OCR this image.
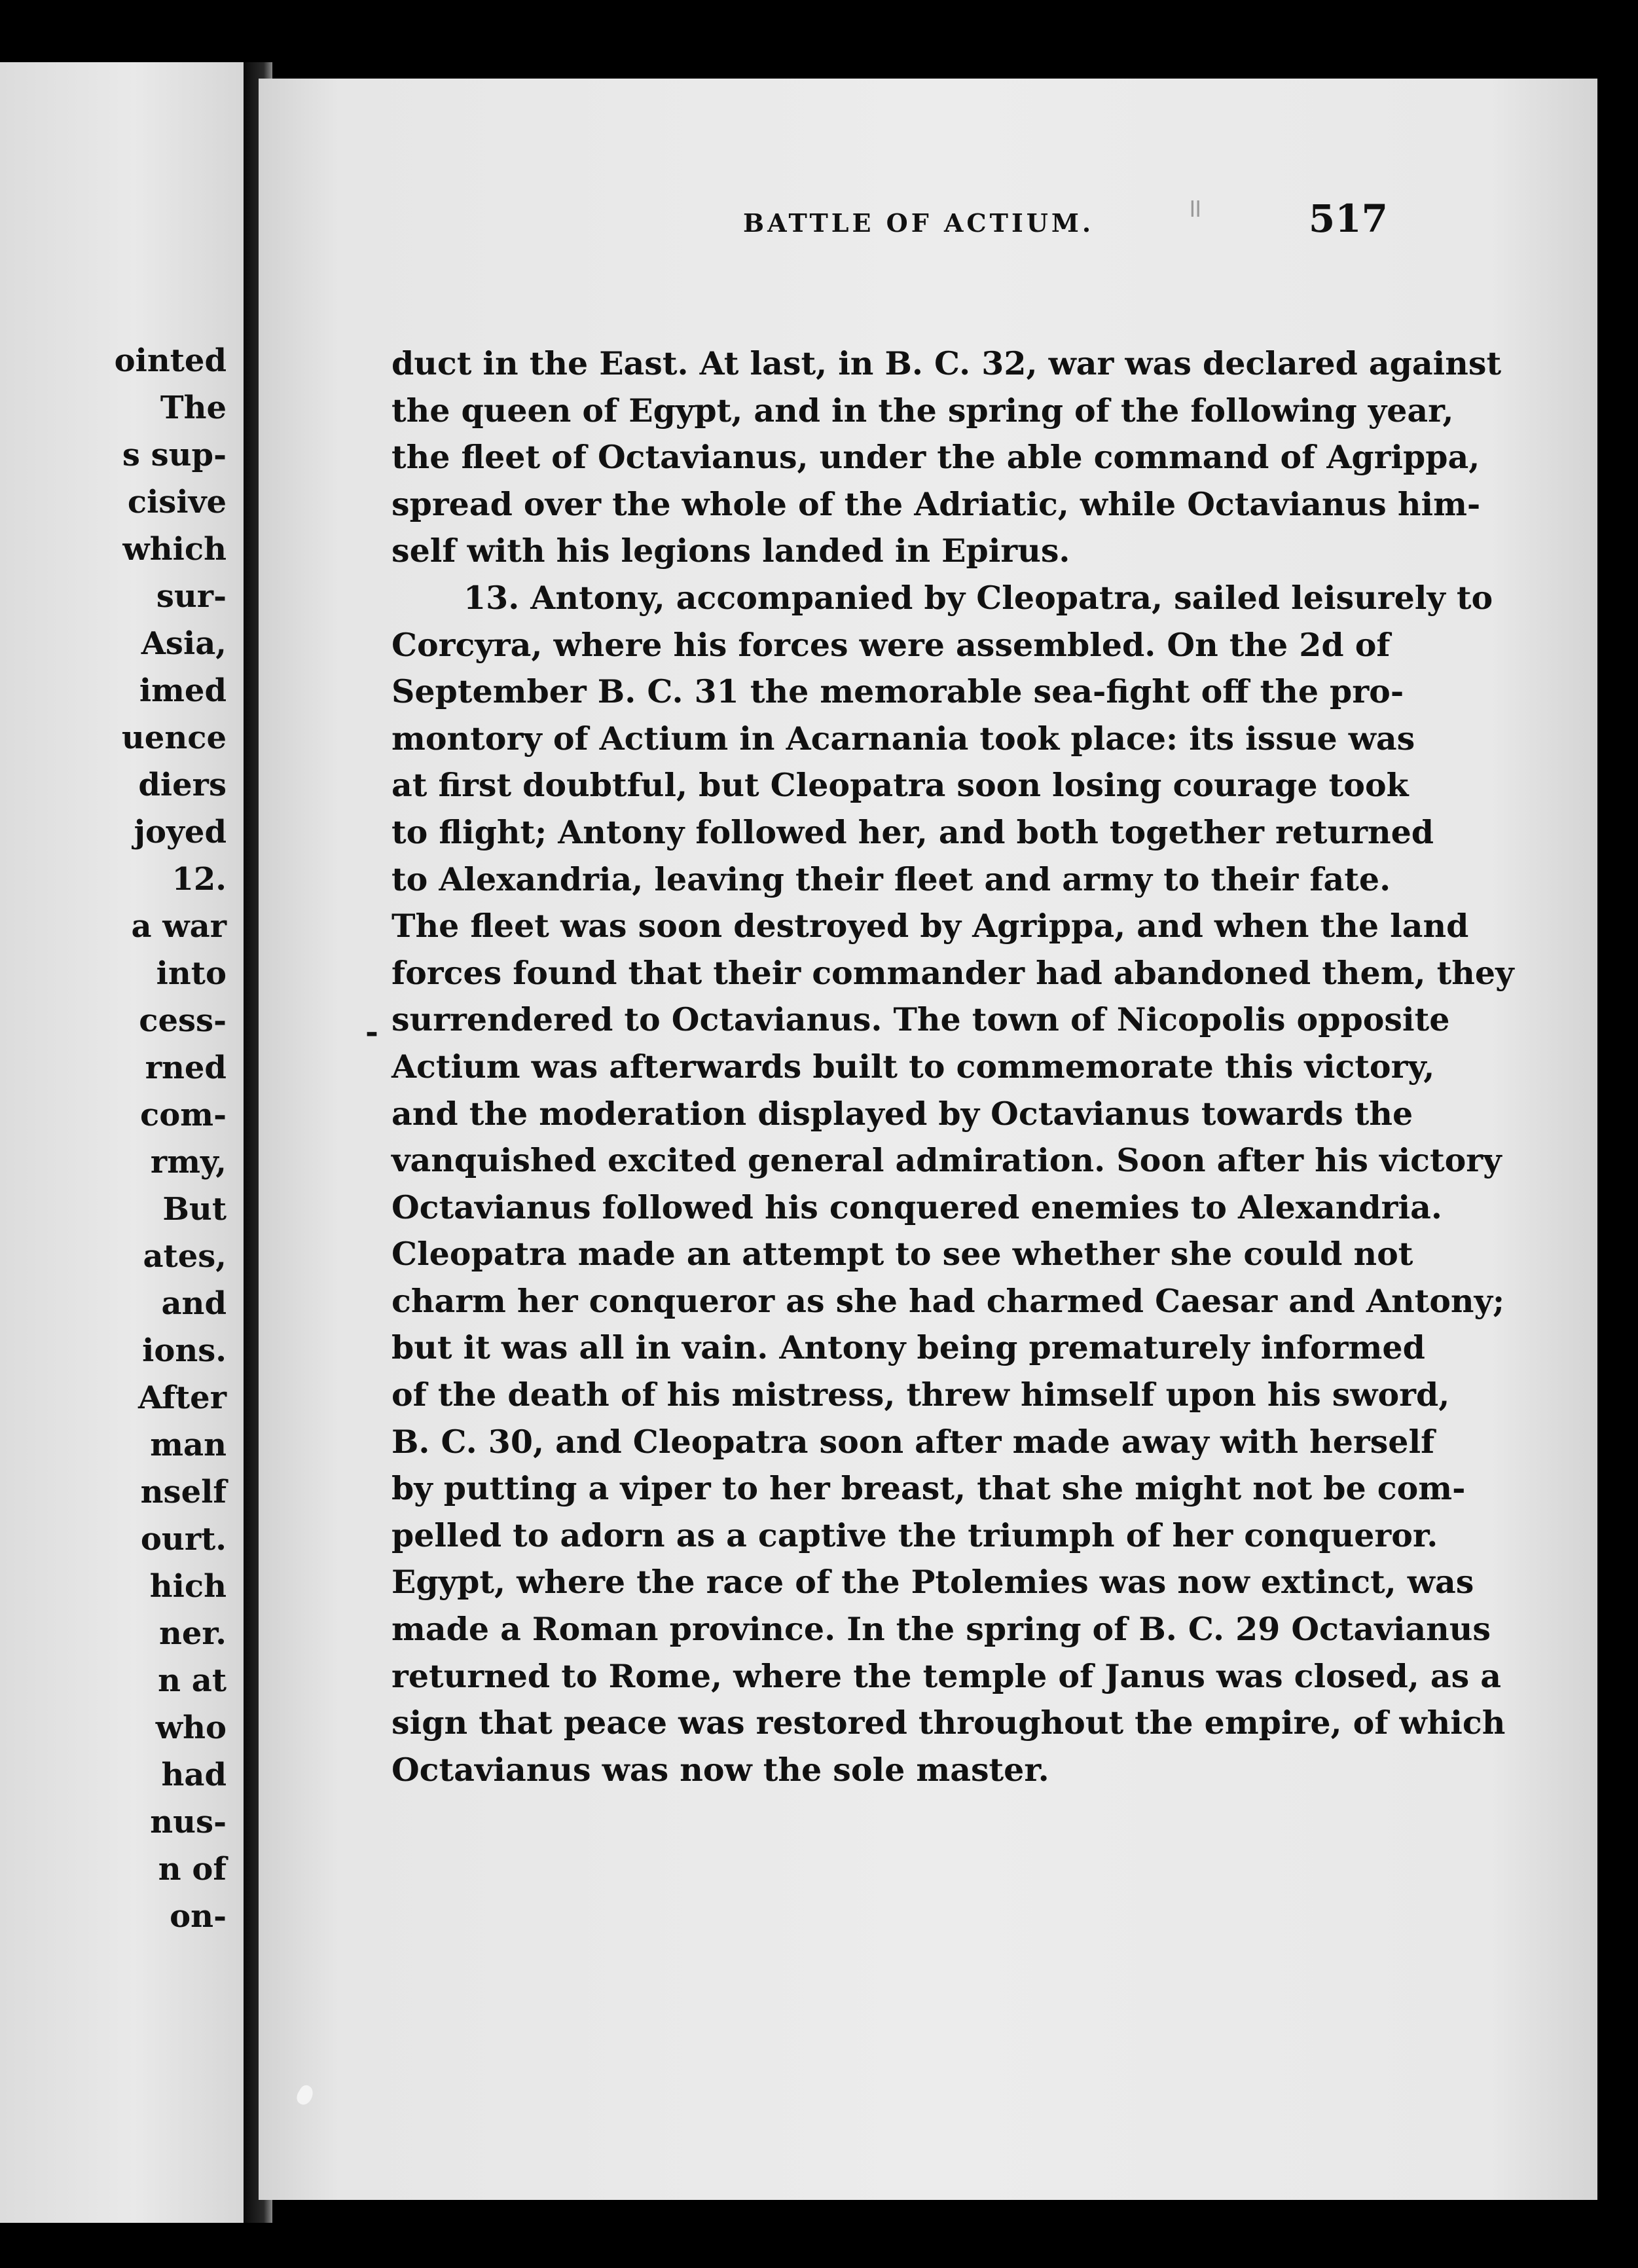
ointed
The
s sup-
cisive
which
sur-
Asia,
imed
uence
diers
joyed
12.
a war
into
cess-
rned
com-
rmy,
But
ates,
and
ions.
After
man
nself
ourt.
hich
ner.
n at
who
had
nus-
n of
on-
॥
BATTLE OF ACTIUM.	517
-
duct in the East. At last, in B. C. 32, war was declared against
the queen of Egypt, and in the spring of the following year,
the fleet of Octavianus, under the able command of Agrippa,
spread over the whole of the Adriatic, while Octavianus him-
self with his legions landed in Epirus.
13. Antony, accompanied by Cleopatra, sailed leisurely to
Corcyra, where his forces were assembled. On the 2d of
September B. C. 31 the memorable sea-fight off the pro-
montory of Actium in Acarnania took place: its issue was
at first doubtful, but Cleopatra soon losing courage took
to flight; Antony followed her, and both together returned
to Alexandria, leaving their fleet and army to their fate.
The fleet was soon destroyed by Agrippa, and when the land
forces found that their commander had abandoned them, they
surrendered to Octavianus. The town of Nicopolis opposite
Actium was afterwards built to commemorate this victory,
and the moderation displayed by Octavianus towards the
vanquished excited general admiration. Soon after his victory
Octavianus followed his conquered enemies to Alexandria.
Cleopatra made an attempt to see whether she could not
charm her conqueror as she had charmed Caesar and Antony;
but it was all in vain. Antony being prematurely informed
of the death of his mistress, threw himself upon his sword,
B. C. 30, and Cleopatra soon after made away with herself
by putting a viper to her breast, that she might not be com-
pelled to adorn as a captive the triumph of her conqueror.
Egypt, where the race of the Ptolemies was now extinct, was
made a Roman province. In the spring of B. C. 29 Octavianus
returned to Rome, where the temple of Janus was closed, as a
sign that peace was restored throughout the empire, of which
Octavianus was now the sole master.
